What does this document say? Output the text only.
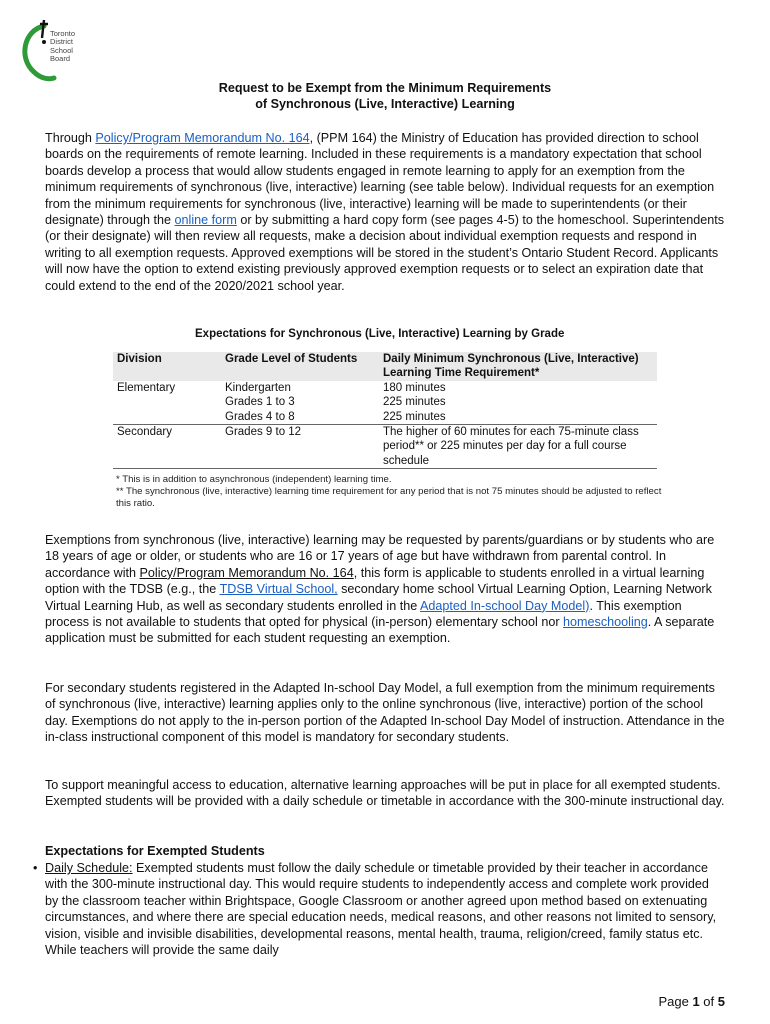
Toronto
District
School
Board
Request to be Exempt from the Minimum Requirements
of Synchronous (Live, Interactive) Learning
Through Policy/Program Memorandum No. 164, (PPM 164) the Ministry of Education has provided direction to school boards on the requirements of remote learning. Included in these requirements is a mandatory expectation that school boards develop a process that would allow students engaged in remote learning to apply for an exemption from the minimum requirements of synchronous (live, interactive) learning (see table below). Individual requests for an exemption from the minimum requirements for synchronous (live, interactive) learning will be made to superintendents (or their designate) through the online form or by submitting a hard copy form (see pages 4-5) to the homeschool. Superintendents (or their designate) will then review all requests, make a decision about individual exemption requests and respond in writing to all exemption requests. Approved exemptions will be stored in the student’s Ontario Student Record. Applicants will now have the option to extend existing previously approved exemption requests or to select an expiration date that could extend to the end of the 2020/2021 school year.
Expectations for Synchronous (Live, Interactive) Learning by Grade
Division	Grade Level of Students	Daily Minimum Synchronous (Live, Interactive) Learning Time Requirement*
Elementary	Kindergarten	180 minutes
	Grades 1 to 3	225 minutes
	Grades 4 to 8	225 minutes
Secondary	Grades 9 to 12	The higher of 60 minutes for each 75-minute class period** or 225 minutes per day for a full course schedule
* This is in addition to asynchronous (independent) learning time.
** The synchronous (live, interactive) learning time requirement for any period that is not 75 minutes should be adjusted to reflect this ratio.
Exemptions from synchronous (live, interactive) learning may be requested by parents/guardians or by students who are 18 years of age or older, or students who are 16 or 17 years of age but have withdrawn from parental control. In accordance with Policy/Program Memorandum No. 164, this form is applicable to students enrolled in a virtual learning option with the TDSB (e.g., the TDSB Virtual School, secondary home school Virtual Learning Option, Learning Network Virtual Learning Hub, as well as secondary students enrolled in the Adapted In-school Day Model). This exemption process is not available to students that opted for physical (in-person) elementary school nor homeschooling. A separate application must be submitted for each student requesting an exemption.
For secondary students registered in the Adapted In-school Day Model, a full exemption from the minimum requirements of synchronous (live, interactive) learning applies only to the online synchronous (live, interactive) portion of the school day. Exemptions do not apply to the in-person portion of the Adapted In-school Day Model of instruction. Attendance in the in-class instructional component of this model is mandatory for secondary students.
To support meaningful access to education, alternative learning approaches will be put in place for all exempted students. Exempted students will be provided with a daily schedule or timetable in accordance with the 300-minute instructional day.
Expectations for Exempted Students
• Daily Schedule: Exempted students must follow the daily schedule or timetable provided by their teacher in accordance with the 300-minute instructional day. This would require students to independently access and complete work provided by the classroom teacher within Brightspace, Google Classroom or another agreed upon method based on extenuating circumstances, and where there are special education needs, medical reasons, and other reasons not limited to sensory, vision, visible and invisible disabilities, developmental reasons, mental health, trauma, religion/creed, family status etc. While teachers will provide the same daily
Page 1 of 5
